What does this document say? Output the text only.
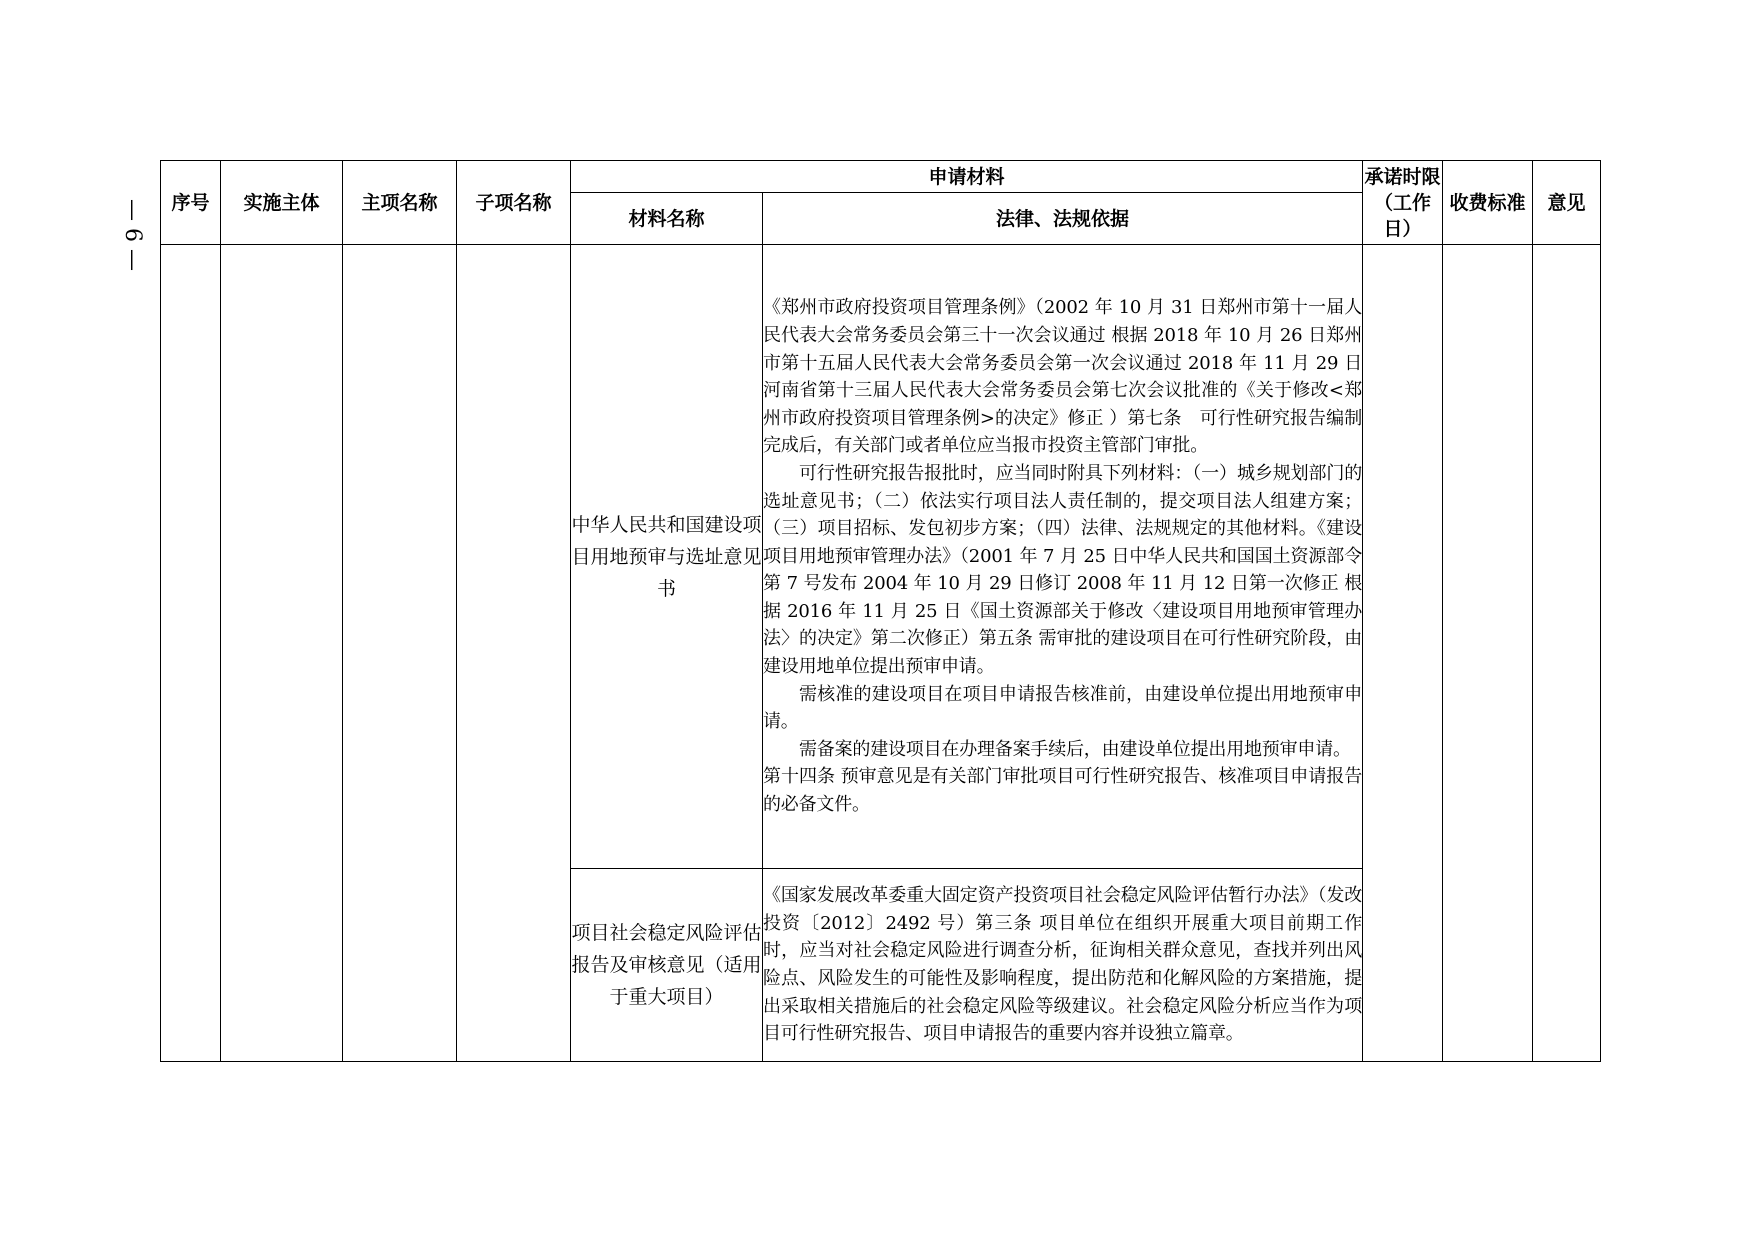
— 6 —	序号	实施主体	主项名称	子项名称	申请材料		承诺时限（工作日）	收费标准	意见
				材料名称	法律、法规依据			
				中华人民共和国建设项目用地预审与选址意见书	《郑州市政府投资项目管理条例》（2002 年 10 月 31 日郑州市第十一届人民代表大会常务委员会第三十一次会议通过 根据 2018 年 10 月 26 日郑州市第十五届人民代表大会常务委员会第一次会议通过 2018 年 11 月 29 日河南省第十三届人民代表大会常务委员会第七次会议批准的《关于修改<郑州市政府投资项目管理条例>的决定》修正 ）第七条　可行性研究报告编制完成后，有关部门或者单位应当报市投资主管部门审批。

可行性研究报告报批时，应当同时附具下列材料：（一）城乡规划部门的选址意见书；（二）依法实行项目法人责任制的，提交项目法人组建方案；（三）项目招标、发包初步方案；（四）法律、法规规定的其他材料。《建设项目用地预审管理办法》（2001 年 7 月 25 日中华人民共和国国土资源部令第 7 号发布 2004 年 10 月 29 日修订 2008 年 11 月 12 日第一次修正 根据 2016 年 11 月 25 日《国土资源部关于修改〈建设项目用地预审管理办法〉的决定》第二次修正）第五条 需审批的建设项目在可行性研究阶段，由建设用地单位提出预审申请。

需核准的建设项目在项目申请报告核准前，由建设单位提出用地预审申请。

需备案的建设项目在办理备案手续后，由建设单位提出用地预审申请。

第十四条 预审意见是有关部门审批项目可行性研究报告、核准项目申请报告的必备文件。			

				项目社会稳定风险评估报告及审核意见（适用于重大项目）	《国家发展改革委重大固定资产投资项目社会稳定风险评估暂行办法》（发改投资〔2012〕2492 号）第三条 项目单位在组织开展重大项目前期工作时，应当对社会稳定风险进行调查分析，征询相关群众意见，查找并列出风险点、风险发生的可能性及影响程度，提出防范和化解风险的方案措施，提出采取相关措施后的社会稳定风险等级建议。社会稳定风险分析应当作为项目可行性研究报告、项目申请报告的重要内容并设独立篇章。			
